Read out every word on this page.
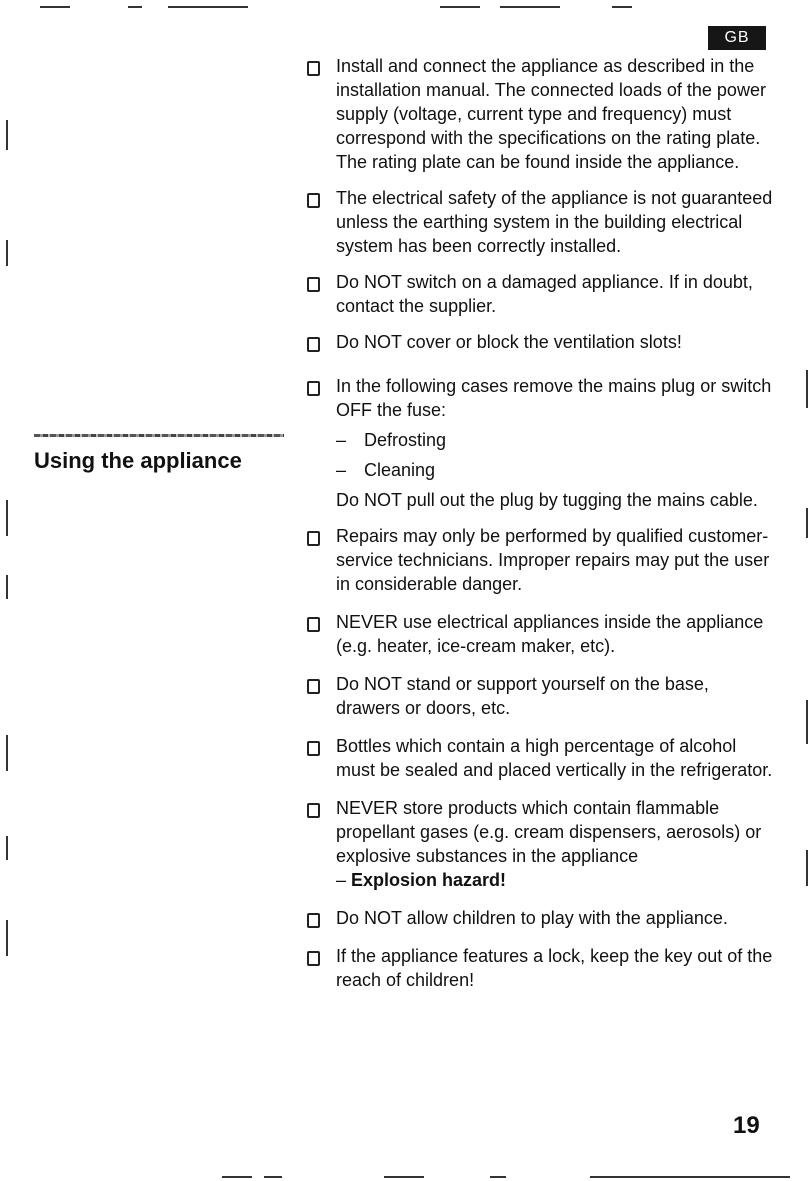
GB
Using the appliance
Install and connect the appliance as described in the installation manual. The connected loads of the power supply (voltage, current type and frequency) must correspond with the specifications on the rating plate. The rating plate can be found inside the appliance.
The electrical safety of the appliance is not guaranteed unless the earthing system in the building electrical system has been correctly installed.
Do NOT switch on a damaged appliance. If in doubt, contact the supplier.
Do NOT cover or block the ventilation slots!
In the following cases remove the mains plug or switch OFF the fuse:
– Defrosting
– Cleaning
Do NOT pull out the plug by tugging the mains cable.
Repairs may only be performed by qualified customer-service technicians. Improper repairs may put the user in considerable danger.
NEVER use electrical appliances inside the appliance (e.g. heater, ice-cream maker, etc).
Do NOT stand or support yourself on the base, drawers or doors, etc.
Bottles which contain a high percentage of alcohol must be sealed and placed vertically in the refrigerator.
NEVER store products which contain flammable propellant gases (e.g. cream dispensers, aerosols) or explosive substances in the appliance
– Explosion hazard!
Do NOT allow children to play with the appliance.
If the appliance features a lock, keep the key out of the reach of children!
19
